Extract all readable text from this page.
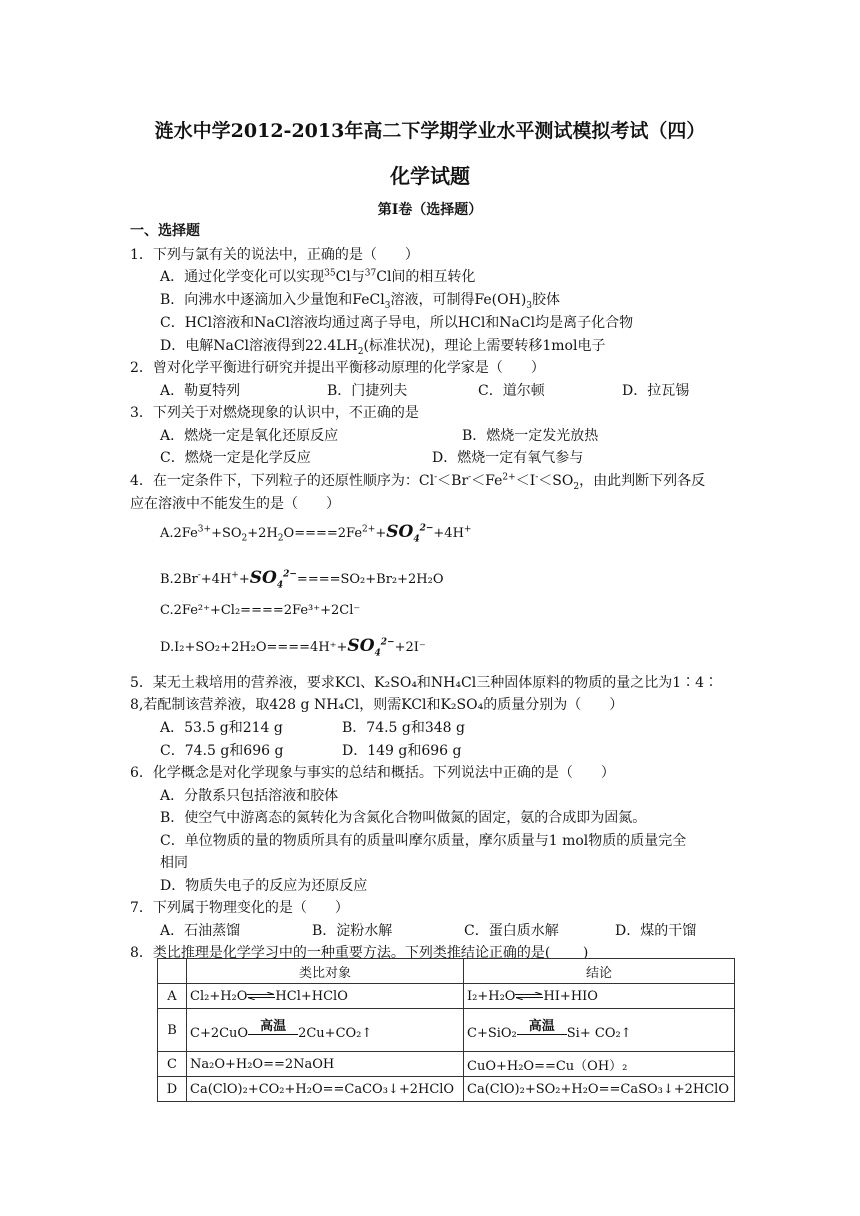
涟水中学2012-2013年高二下学期学业水平测试模拟考试（四）
化学试题
第Ⅰ卷（选择题）
一、选择题
1．下列与氯有关的说法中，正确的是（　　）
A．通过化学变化可以实现$^{35}$Cl与$^{37}$Cl间的相互转化
B．向沸水中逐滴加入少量饱和FeCl$_3$溶液，可制得$Fe(OH)_3$胶体
C．HCl溶液和NaCl溶液均通过离子导电，所以HCl和NaCl均是离子化合物
D．电解NaCl溶液得到$22.4LH_2$(标准状况)，理论上需要转移1mol电子
2．曾对化学平衡进行研究并提出平衡移动原理的化学家是（　　）
A．勒夏特列	B．门捷列夫	C．道尔顿	D．拉瓦锡
3．下列关于对燃烧现象的认识中，不正确的是
A．燃烧一定是氧化还原反应	B．燃烧一定发光放热
C．燃烧一定是化学反应	D．燃烧一定有氧气参与
4．在一定条件下，下列粒子的还原性顺序为：$Cl^-<Br^-<Fe^{2+}<I^-<SO_2$，由此判断下列各反
应在溶液中不能发生的是（　　）
$A.2Fe^{3+}+SO_2+2H_2O====2Fe^{2+}+SO_4^{2-}+4H^+$
$B.2Br^-+4H^++SO_4^{2-}====SO_2+Br_2+2H_2O$
C.2Fe²⁺+Cl₂====2Fe³⁺+2Cl⁻
$D.I_2+SO_2+2H_2O====4H^++SO_4^{2-}+2I^-$
5．某无土栽培用的营养液，要求KCl、K₂SO₄和NH₄Cl三种固体原料的物质的量之比为1∶4∶
8,若配制该营养液，取428 g NH₄Cl，则需KCl和K₂SO₄的质量分别为（　　）
A．53.5 g和214 g	B．74.5 g和348 g
C．74.5 g和696 g	D．149 g和696 g
6．化学概念是对化学现象与事实的总结和概括。下列说法中正确的是（　　）
A．分散系只包括溶液和胶体
B．使空气中游离态的氮转化为含氮化合物叫做氮的固定，氨的合成即为固氮。
C．单位物质的量的物质所具有的质量叫摩尔质量，摩尔质量与1 mol物质的质量完全
相同
D．物质失电子的反应为还原反应
7．下列属于物理变化的是（　　）
A．石油蒸馏	B．淀粉水解	C．蛋白质水解	D．煤的干馏
8．类比推理是化学学习中的一种重要方法。下列类推结论正确的是(　　 )
	类比对象	结论
A	Cl₂+H₂O⇌HCl+HClO	I₂+H₂O⇌HI+HIO
B	C+2CuO 高温 2Cu+CO₂↑	C+SiO₂ 高温 Si+ CO₂↑
C	Na₂O+H₂O==2NaOH	CuO+H₂O==Cu（OH）₂
D	Ca(ClO)₂+CO₂+H₂O==CaCO₃↓+2HClO	Ca(ClO)₂+SO₂+H₂O==CaSO₃↓+2HClO
